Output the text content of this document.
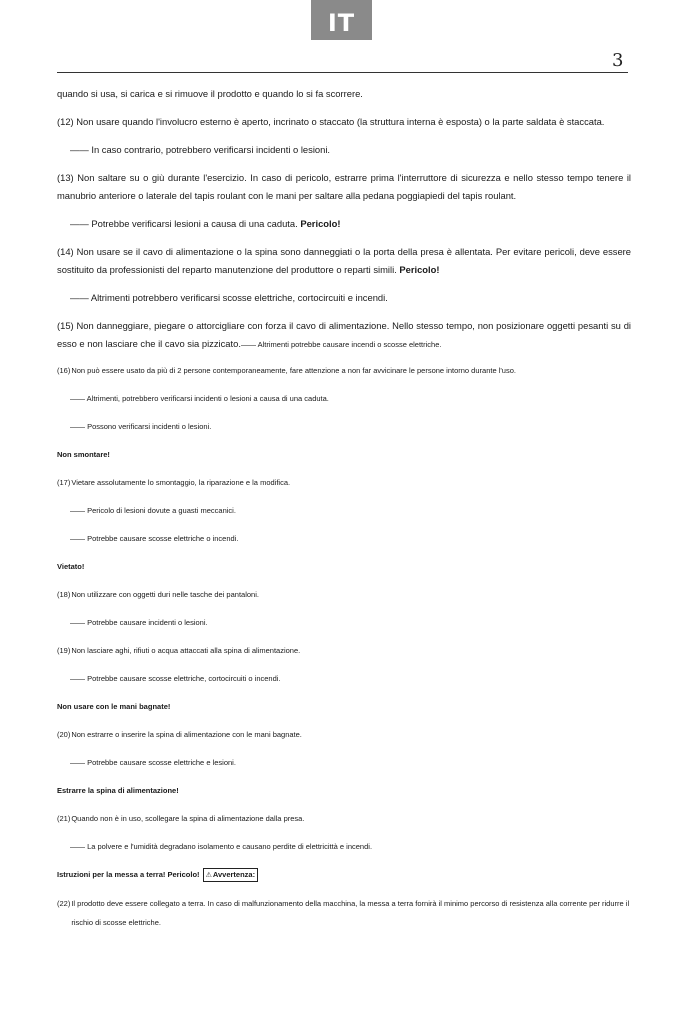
IT
3

quando si usa, si carica e si rimuove il prodotto e quando lo si fa scorrere.

(12) Non usare quando l'involucro esterno è aperto, incrinato o staccato (la struttura interna è esposta) o la parte saldata è staccata.

—— In caso contrario, potrebbero verificarsi incidenti o lesioni.

(13) Non saltare su o giù durante l'esercizio. In caso di pericolo, estrarre prima l'interruttore di sicurezza e nello stesso tempo tenere il manubrio anteriore o laterale del tapis roulant con le mani per saltare alla pedana poggiapiedi del tapis roulant.

—— Potrebbe verificarsi lesioni a causa di una caduta. Pericolo!

(14) Non usare se il cavo di alimentazione o la spina sono danneggiati o la porta della presa è allentata. Per evitare pericoli, deve essere sostituito da professionisti del reparto manutenzione del produttore o reparti simili. Pericolo!

—— Altrimenti potrebbero verificarsi scosse elettriche, cortocircuiti e incendi.

(15) Non danneggiare, piegare o attorcigliare con forza il cavo di alimentazione. Nello stesso tempo, non posizionare oggetti pesanti su di esso e non lasciare che il cavo sia pizzicato.—— Altrimenti potrebbe causare incendi o scosse elettriche.

(16) Non può essere usato da più di 2 persone contemporaneamente, fare attenzione a non far avvicinare le persone intorno durante l'uso.

—— Altrimenti, potrebbero verificarsi incidenti o lesioni a causa di una caduta.

—— Possono verificarsi incidenti o lesioni.

Non smontare!

(17) Vietare assolutamente lo smontaggio, la riparazione e la modifica.

—— Pericolo di lesioni dovute a guasti meccanici.

—— Potrebbe causare scosse elettriche o incendi.

Vietato!

(18) Non utilizzare con oggetti duri nelle tasche dei pantaloni.

—— Potrebbe causare incidenti o lesioni.

(19) Non lasciare aghi, rifiuti o acqua attaccati alla spina di alimentazione.

—— Potrebbe causare scosse elettriche, cortocircuiti o incendi.

Non usare con le mani bagnate!

(20) Non estrarre o inserire la spina di alimentazione con le mani bagnate.

—— Potrebbe causare scosse elettriche e lesioni.

Estrarre la spina di alimentazione!

(21) Quando non è in uso, scollegare la spina di alimentazione dalla presa.

—— La polvere e l'umidità degradano isolamento e causano perdite di elettricittà e incendi.

Istruzioni per la messa a terra! Pericolo! ⚠Avvertenza:

(22) Il prodotto deve essere collegato a terra. In caso di malfunzionamento della macchina, la messa a terra fornirà il minimo percorso di resistenza alla corrente per ridurre il rischio di scosse elettriche.
